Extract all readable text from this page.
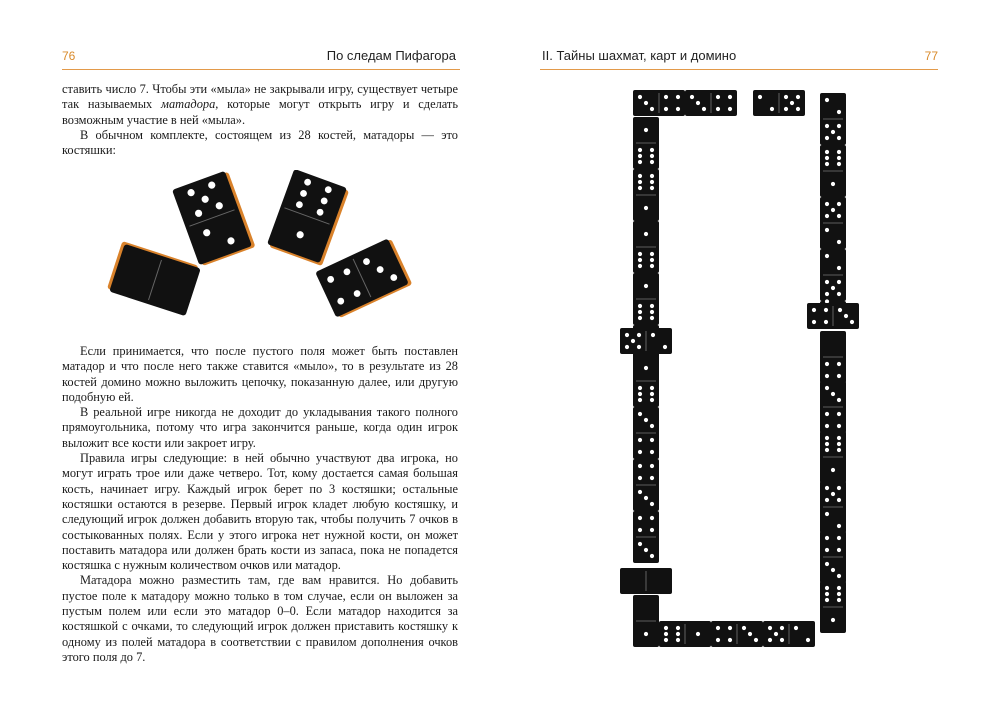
76	По следам Пифагора

ставить число 7. Чтобы эти «мыла» не закрывали игру, существует четыре так называемых матадора, которые могут открыть игру и сделать возможным участие в ней «мыла».

В обычном комплекте, состоящем из 28 костей, матадоры — это костяшки:

Если принимается, что после пустого поля может быть поставлен матадор и что после него также ставится «мыло», то в результате из 28 костей домино можно выложить цепочку, показанную далее, или другую подобную ей.

В реальной игре никогда не доходит до укладывания такого полного прямоугольника, потому что игра закончится раньше, когда один игрок выложит все кости или закроет игру.

Правила игры следующие: в ней обычно участвуют два игрока, но могут играть трое или даже четверо. Тот, кому достается самая большая кость, начинает игру. Каждый игрок берет по 3 костяшки; остальные костяшки остаются в резерве. Первый игрок кладет любую костяшку, и следующий игрок должен добавить вторую так, чтобы получить 7 очков в состыкованных полях. Если у этого игрока нет нужной кости, он может поставить матадора или должен брать кости из запаса, пока не попадется костяшка с нужным количеством очков или матадор.

Матадора можно разместить там, где вам нравится. Но добавить пустое поле к матадору можно только в том случае, если он выложен за пустым полем или если это матадор 0–0. Если матадор находится за костяшкой с очками, то следующий игрок должен приставить костяшку к одному из полей матадора в соответствии с правилом дополнения очков этого поля до 7.

II. Тайны шахмат, карт и домино	77
